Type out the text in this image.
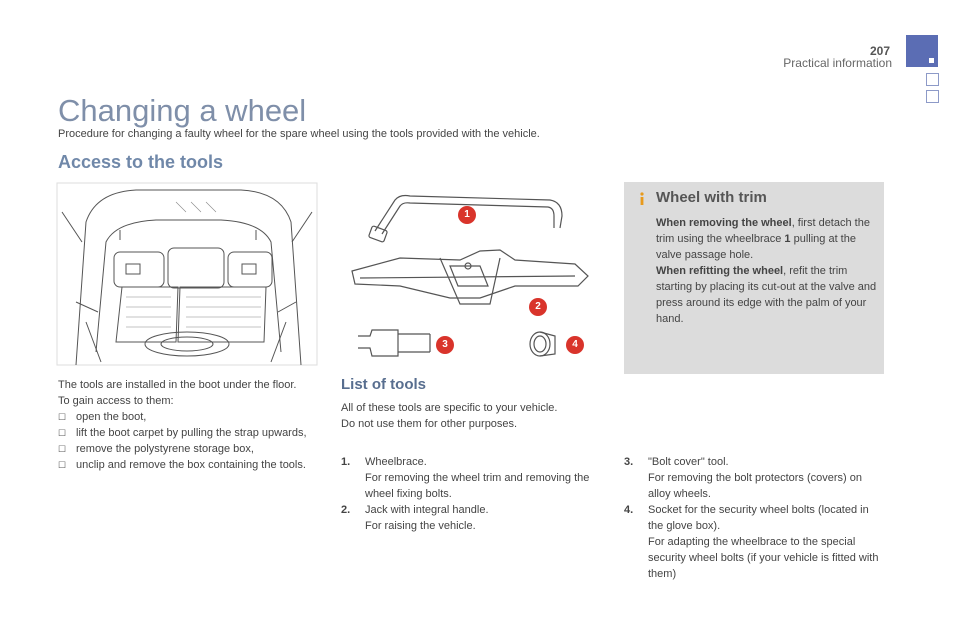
207
Practical information
Changing a wheel
Procedure for changing a faulty wheel for the spare wheel using the tools provided with the vehicle.
Access to the tools
1
2
3	4
Wheel with trim
When removing the wheel, first detach the trim using the wheelbrace 1 pulling at the valve passage hole.
When refitting the wheel, refit the trim starting by placing its cut-out at the valve and press around its edge with the palm of your hand.
The tools are installed in the boot under the floor.
To gain access to them:
☐ open the boot,
☐ lift the boot carpet by pulling the strap upwards,
☐ remove the polystyrene storage box,
☐ unclip and remove the box containing the tools.
List of tools
All of these tools are specific to your vehicle.
Do not use them for other purposes.
1. Wheelbrace.
For removing the wheel trim and removing the wheel fixing bolts.
2. Jack with integral handle.
For raising the vehicle.
3. "Bolt cover" tool.
For removing the bolt protectors (covers) on alloy wheels.
4. Socket for the security wheel bolts (located in the glove box).
For adapting the wheelbrace to the special security wheel bolts (if your vehicle is fitted with them)
